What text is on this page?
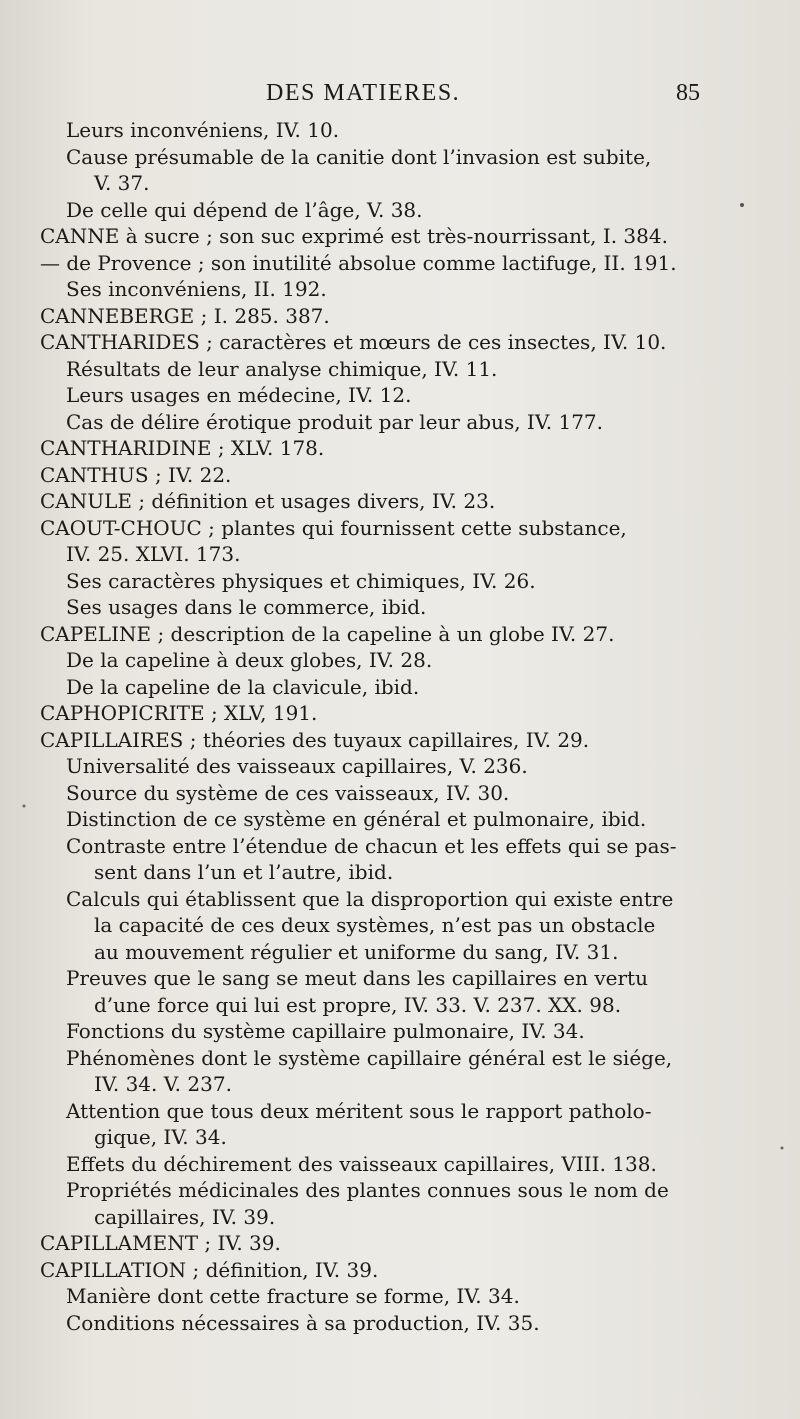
DES MATIERES.	85
Leurs inconvéniens, IV. 10.
Cause présumable de la canitie dont l’invasion est subite,
V. 37.
De celle qui dépend de l’âge, V. 38.
CANNE à sucre ; son suc exprimé est très-nourrissant, I. 384.
— de Provence ; son inutilité absolue comme lactifuge, II. 191.
Ses inconvéniens, II. 192.
CANNEBERGE ; I. 285. 387.
CANTHARIDES ; caractères et mœurs de ces insectes, IV. 10.
Résultats de leur analyse chimique, IV. 11.
Leurs usages en médecine, IV. 12.
Cas de délire érotique produit par leur abus, IV. 177.
CANTHARIDINE ; XLV. 178.
CANTHUS ; IV. 22.
CANULE ; définition et usages divers, IV. 23.
CAOUT-CHOUC ; plantes qui fournissent cette substance,
IV. 25. XLVI. 173.
Ses caractères physiques et chimiques, IV. 26.
Ses usages dans le commerce, ibid.
CAPELINE ; description de la capeline à un globe IV. 27.
De la capeline à deux globes, IV. 28.
De la capeline de la clavicule, ibid.
CAPHOPICRITE ; XLV, 191.
CAPILLAIRES ; théories des tuyaux capillaires, IV. 29.
Universalité des vaisseaux capillaires, V. 236.
Source du système de ces vaisseaux, IV. 30.
Distinction de ce système en général et pulmonaire, ibid.
Contraste entre l’étendue de chacun et les effets qui se pas-
sent dans l’un et l’autre, ibid.
Calculs qui établissent que la disproportion qui existe entre
la capacité de ces deux systèmes, n’est pas un obstacle
au mouvement régulier et uniforme du sang, IV. 31.
Preuves que le sang se meut dans les capillaires en vertu
d’une force qui lui est propre, IV. 33. V. 237. XX. 98.
Fonctions du système capillaire pulmonaire, IV. 34.
Phénomènes dont le système capillaire général est le siége,
IV. 34. V. 237.
Attention que tous deux méritent sous le rapport patholo-
gique, IV. 34.
Effets du déchirement des vaisseaux capillaires, VIII. 138.
Propriétés médicinales des plantes connues sous le nom de
capillaires, IV. 39.
CAPILLAMENT ; IV. 39.
CAPILLATION ; définition, IV. 39.
Manière dont cette fracture se forme, IV. 34.
Conditions nécessaires à sa production, IV. 35.
